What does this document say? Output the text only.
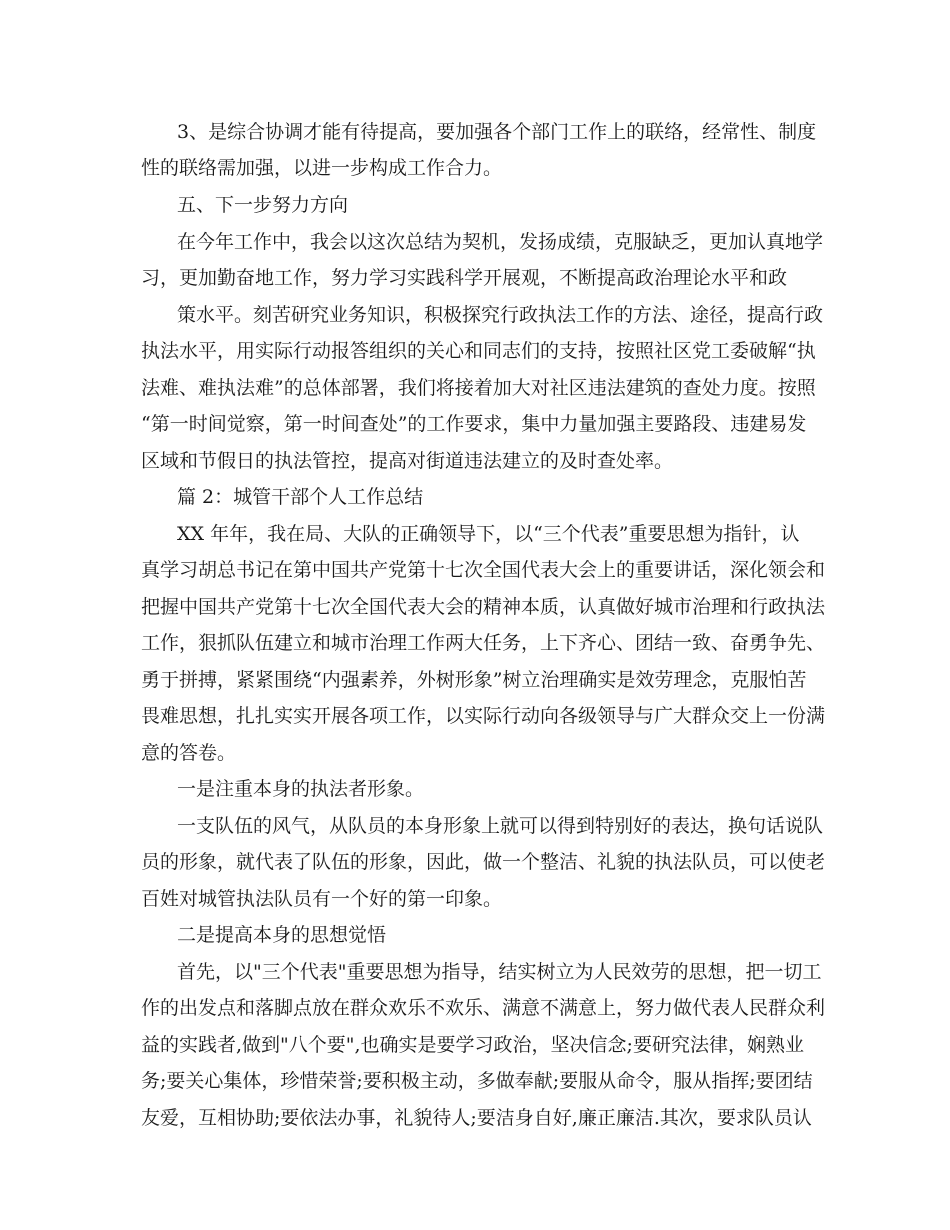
3、是综合协调才能有待提高，要加强各个部门工作上的联络，经常性、制度
性的联络需加强，以进一步构成工作合力。
五、下一步努力方向
在今年工作中，我会以这次总结为契机，发扬成绩，克服缺乏，更加认真地学
习，更加勤奋地工作，努力学习实践科学开展观，不断提高政治理论水平和政
策水平。刻苦研究业务知识，积极探究行政执法工作的方法、途径，提高行政
执法水平，用实际行动报答组织的关心和同志们的支持，按照社区党工委破解“执
法难、难执法难”的总体部署，我们将接着加大对社区违法建筑的查处力度。按照
“第一时间觉察，第一时间查处”的工作要求，集中力量加强主要路段、违建易发
区域和节假日的执法管控，提高对街道违法建立的及时查处率。
篇 2：城管干部个人工作总结
XX 年年，我在局、大队的正确领导下，以“三个代表”重要思想为指针，认
真学习胡总书记在第中国共产党第十七次全国代表大会上的重要讲话，深化领会和
把握中国共产党第十七次全国代表大会的精神本质，认真做好城市治理和行政执法
工作，狠抓队伍建立和城市治理工作两大任务，上下齐心、团结一致、奋勇争先、
勇于拼搏，紧紧围绕“内强素养，外树形象”树立治理确实是效劳理念，克服怕苦
畏难思想，扎扎实实开展各项工作，以实际行动向各级领导与广大群众交上一份满
意的答卷。
一是注重本身的执法者形象。
一支队伍的风气，从队员的本身形象上就可以得到特别好的表达，换句话说队
员的形象，就代表了队伍的形象，因此，做一个整洁、礼貌的执法队员，可以使老
百姓对城管执法队员有一个好的第一印象。
二是提高本身的思想觉悟
首先，以"三个代表"重要思想为指导，结实树立为人民效劳的思想，把一切工
作的出发点和落脚点放在群众欢乐不欢乐、满意不满意上，努力做代表人民群众利
益的实践者,做到"八个要",也确实是要学习政治，坚决信念;要研究法律，娴熟业
务;要关心集体，珍惜荣誉;要积极主动，多做奉献;要服从命令，服从指挥;要团结
友爱，互相协助;要依法办事，礼貌待人;要洁身自好,廉正廉洁.其次，要求队员认
